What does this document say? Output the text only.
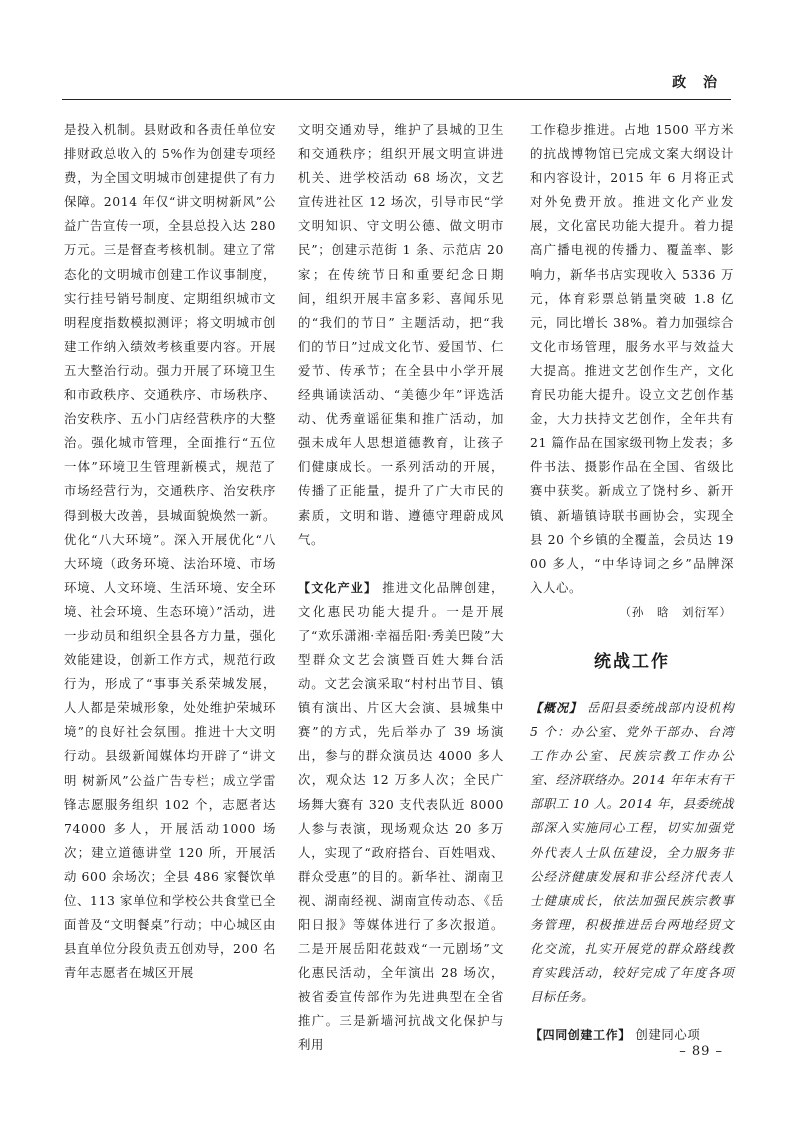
政 治

是投入机制。县财政和各责任单位安排财政总收入的 5%作为创建专项经费，为全国文明城市创建提供了有力保障。2014 年仅“讲文明树新风”公益广告宣传一项，全县总投入达 280 万元。三是督查考核机制。建立了常态化的文明城市创建工作议事制度，实行挂号销号制度、定期组织城市文明程度指数模拟测评；将文明城市创建工作纳入绩效考核重要内容。开展五大整治行动。强力开展了环境卫生和市政秩序、交通秩序、市场秩序、治安秩序、五小门店经营秩序的大整治。强化城市管理，全面推行“五位一体”环境卫生管理新模式，规范了市场经营行为，交通秩序、治安秩序得到极大改善，县城面貌焕然一新。优化“八大环境”。深入开展优化“八大环境（政务环境、法治环境、市场环境、人文环境、生活环境、安全环境、社会环境、生态环境）”活动，进一步动员和组织全县各方力量，强化效能建设，创新工作方式，规范行政行为，形成了“事事关系荣城发展，人人都是荣城形象，处处维护荣城环境”的良好社会氛围。推进十大文明行动。县级新闻媒体均开辟了“讲文明 树新风”公益广告专栏；成立学雷锋志愿服务组织 102 个，志愿者达 74000 多人，开展活动1000 场次；建立道德讲堂 120 所，开展活动 600 余场次；全县 486 家餐饮单位、113 家单位和学校公共食堂已全面普及“文明餐桌”行动；中心城区由县直单位分段负责五创劝导，200 名青年志愿者在城区开展

文明交通劝导，维护了县城的卫生和交通秩序；组织开展文明宣讲进机关、进学校活动 68 场次，文艺宣传进社区 12 场次，引导市民“学文明知识、守文明公德、做文明市民”；创建示范街 1 条、示范店 20 家；在传统节日和重要纪念日期间，组织开展丰富多彩、喜闻乐见的“我们的节日” 主题活动，把“我们的节日”过成文化节、爱国节、仁爱节、传承节；在全县中小学开展经典诵读活动、“美德少年”评选活动、优秀童谣征集和推广活动，加强未成年人思想道德教育，让孩子们健康成长。一系列活动的开展，传播了正能量，提升了广大市民的素质，文明和谐、遵德守理蔚成风气。

【文化产业】 推进文化品牌创建，文化惠民功能大提升。一是开展了“欢乐潇湘·幸福岳阳·秀美巴陵”大型群众文艺会演暨百姓大舞台活动。文艺会演采取“村村出节目、镇镇有演出、片区大会演、县城集中赛”的方式，先后举办了 39 场演出，参与的群众演员达 4000 多人次，观众达 12 万多人次；全民广场舞大赛有 320 支代表队近 8000 人参与表演，现场观众达 20 多万人，实现了“政府搭台、百姓唱戏、群众受惠”的目的。新华社、湖南卫视、湖南经视、湖南宣传动态、《岳阳日报》等媒体进行了多次报道。二是开展岳阳花鼓戏“一元剧场”文化惠民活动，全年演出 28 场次，被省委宣传部作为先进典型在全省推广。三是新墙河抗战文化保护与利用

工作稳步推进。占地 1500 平方米的抗战博物馆已完成文案大纲设计和内容设计，2015 年 6 月将正式对外免费开放。推进文化产业发展，文化富民功能大提升。着力提高广播电视的传播力、覆盖率、影响力，新华书店实现收入 5336 万元，体育彩票总销量突破 1.8 亿元，同比增长 38%。着力加强综合文化市场管理，服务水平与效益大大提高。推进文艺创作生产，文化育民功能大提升。设立文艺创作基金，大力扶持文艺创作，全年共有 21 篇作品在国家级刊物上发表；多件书法、摄影作品在全国、省级比赛中获奖。新成立了饶村乡、新开镇、新墙镇诗联书画协会，实现全县 20 个乡镇的全覆盖，会员达 1900 多人，“中华诗词之乡”品牌深入人心。

（孙　晗　刘衍军）
统战工作

【概况】 岳阳县委统战部内设机构 5 个：办公室、党外干部办、台湾工作办公室、民族宗教工作办公室、经济联络办。2014 年年末有干部职工 10 人。2014 年，县委统战部深入实施同心工程，切实加强党外代表人士队伍建设，全力服务非公经济健康发展和非公经济代表人士健康成长，依法加强民族宗教事务管理，积极推进岳台两地经贸文化交流，扎实开展党的群众路线教育实践活动，较好完成了年度各项目标任务。

【四同创建工作】 创建同心项

– 89 –
